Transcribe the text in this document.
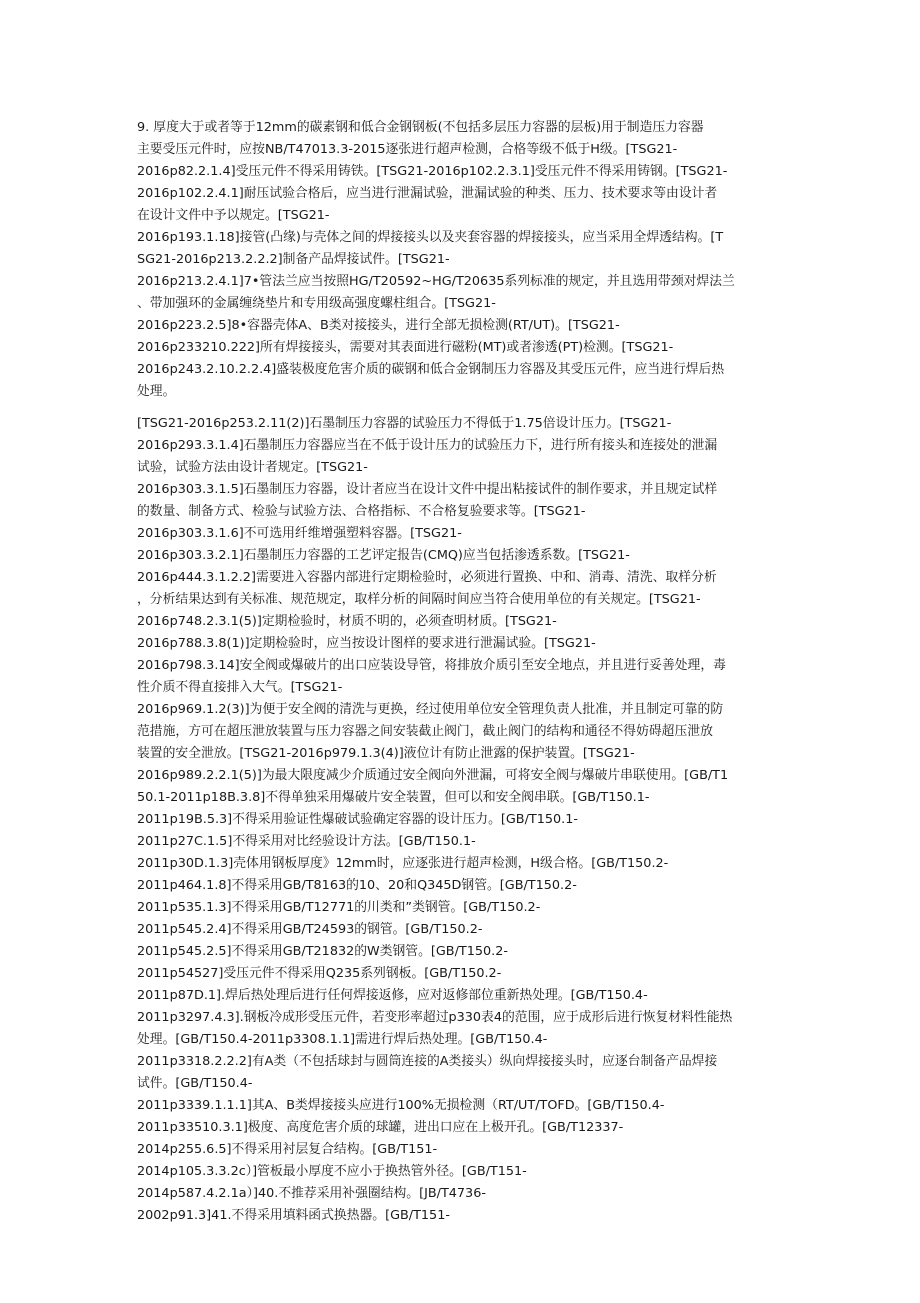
9. 厚度大于或者等于12mm的碳素钢和低合金钢钢板(不包括多层压力容器的层板)用于制造压力容器
主要受压元件时，应按NB/T47013.3-2015逐张进行超声检测，合格等级不低于H级。[TSG21-
2016p82.2.1.4]受压元件不得采用铸铁。[TSG21-2016p102.2.3.1]受压元件不得采用铸钢。[TSG21-
2016p102.2.4.1]耐压试验合格后，应当进行泄漏试验，泄漏试验的种类、压力、技术要求等由设计者
在设计文件中予以规定。[TSG21-
2016p193.1.18]接管(凸缘)与壳体之间的焊接接头以及夹套容器的焊接接头，应当采用全焊透结构。[T
SG21-2016p213.2.2.2]制备产品焊接试件。[TSG21-
2016p213.2.4.1]7•管法兰应当按照HG/T20592~HG/T20635系列标准的规定，并且选用带颈对焊法兰
、带加强环的金属缠绕垫片和专用级高强度螺柱组合。[TSG21-
2016p223.2.5]8•容器壳体A、B类对接接头，进行全部无损检测(RT/UT)。[TSG21-
2016p233210.222]所有焊接接头，需要对其表面进行磁粉(MT)或者渗透(PT)检测。[TSG21-
2016p243.2.10.2.2.4]盛装极度危害介质的碳钢和低合金钢制压力容器及其受压元件，应当进行焊后热
处理。
[TSG21-2016p253.2.11(2)]石墨制压力容器的试验压力不得低于1.75倍设计压力。[TSG21-
2016p293.3.1.4]石墨制压力容器应当在不低于设计压力的试验压力下，进行所有接头和连接处的泄漏
试验，试验方法由设计者规定。[TSG21-
2016p303.3.1.5]石墨制压力容器，设计者应当在设计文件中提出粘接试件的制作要求，并且规定试样
的数量、制备方式、检验与试验方法、合格指标、不合格复验要求等。[TSG21-
2016p303.3.1.6]不可选用纤维增强塑料容器。[TSG21-
2016p303.3.2.1]石墨制压力容器的工艺评定报告(CMQ)应当包括渗透系数。[TSG21-
2016p444.3.1.2.2]需要进入容器内部进行定期检验时，必须进行置换、中和、消毒、清洗、取样分析
，分析结果达到有关标准、规范规定，取样分析的间隔时间应当符合使用单位的有关规定。[TSG21-
2016p748.2.3.1(5)]定期检验时，材质不明的，必须查明材质。[TSG21-
2016p788.3.8(1)]定期检验时，应当按设计图样的要求进行泄漏试验。[TSG21-
2016p798.3.14]安全阀或爆破片的出口应装设导管，将排放介质引至安全地点，并且进行妥善处理，毒
性介质不得直接排入大气。[TSG21-
2016p969.1.2(3)]为便于安全阀的清洗与更换，经过使用单位安全管理负责人批准，并且制定可靠的防
范措施，方可在超压泄放装置与压力容器之间安装截止阀门，截止阀门的结构和通径不得妨碍超压泄放
装置的安全泄放。[TSG21-2016p979.1.3(4)]液位计有防止泄露的保护装置。[TSG21-
2016p989.2.2.1(5)]为最大限度减少介质通过安全阀向外泄漏，可将安全阀与爆破片串联使用。[GB/T1
50.1-2011p18B.3.8]不得单独采用爆破片安全装置，但可以和安全阀串联。[GB/T150.1-
2011p19B.5.3]不得采用验证性爆破试验确定容器的设计压力。[GB/T150.1-
2011p27C.1.5]不得采用对比经验设计方法。[GB/T150.1-
2011p30D.1.3]壳体用钢板厚度》12mm时，应逐张进行超声检测，H级合格。[GB/T150.2-
2011p464.1.8]不得采用GB/T8163的10、20和Q345D钢管。[GB/T150.2-
2011p535.1.3]不得采用GB/T12771的川类和”类钢管。[GB/T150.2-
2011p545.2.4]不得采用GB/T24593的钢管。[GB/T150.2-
2011p545.2.5]不得采用GB/T21832的W类钢管。[GB/T150.2-
2011p54527]受压元件不得采用Q235系列钢板。[GB/T150.2-
2011p87D.1].焊后热处理后进行任何焊接返修，应对返修部位重新热处理。[GB/T150.4-
2011p3297.4.3].钢板冷成形受压元件，若变形率超过p330表4的范围，应于成形后进行恢复材料性能热
处理。[GB/T150.4-2011p3308.1.1]需进行焊后热处理。[GB/T150.4-
2011p3318.2.2.2]有A类（不包括球封与圆筒连接的A类接头）纵向焊接接头时，应逐台制备产品焊接
试件。[GB/T150.4-
2011p3339.1.1.1]其A、B类焊接接头应进行100%无损检测（RT/UT/TOFD。[GB/T150.4-
2011p33510.3.1]极度、高度危害介质的球罐，进出口应在上极开孔。[GB/T12337-
2014p255.6.5]不得采用衬层复合结构。[GB/T151-
2014p105.3.3.2c）]管板最小厚度不应小于换热管外径。[GB/T151-
2014p587.4.2.1a）]40.不推荐采用补强圈结构。[JB/T4736-
2002p91.3]41.不得采用填料函式换热器。[GB/T151-
